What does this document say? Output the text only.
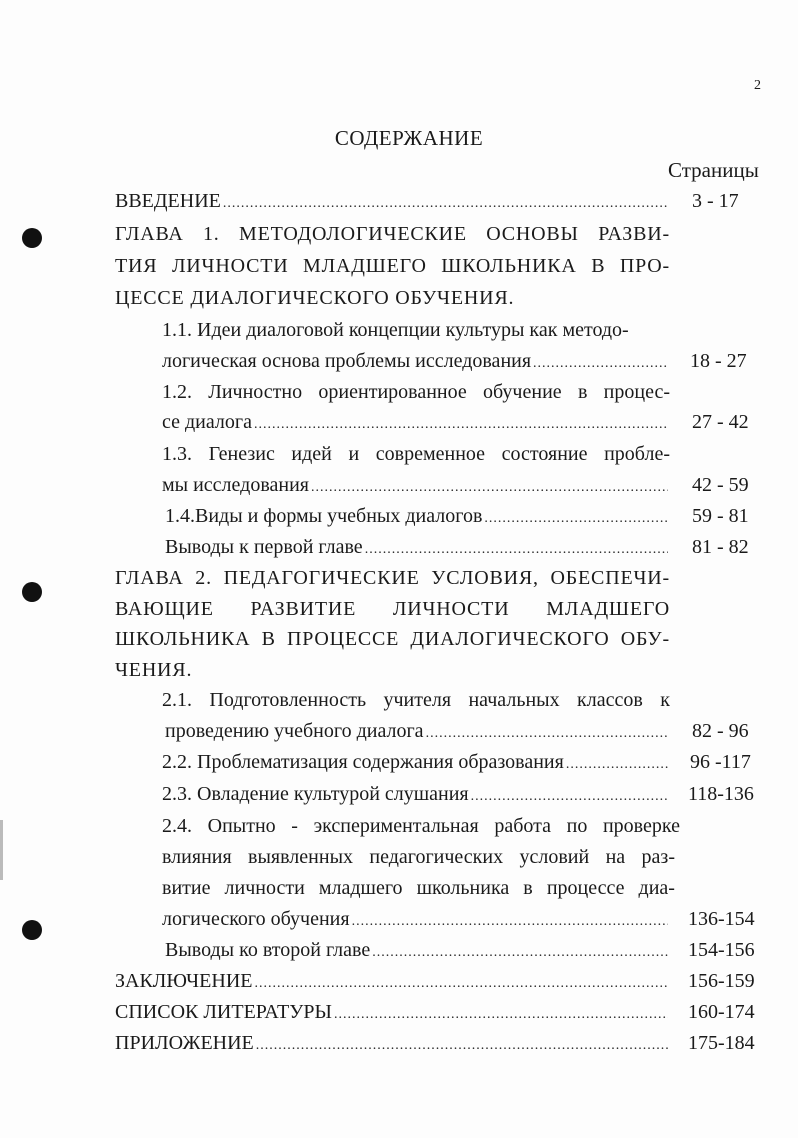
2
СОДЕРЖАНИЕ
Страницы
ВВЕДЕНИЕ .....	3 - 17
ГЛАВА 1. МЕТОДОЛОГИЧЕСКИЕ ОСНОВЫ РАЗВИ-
ТИЯ ЛИЧНОСТИ МЛАДШЕГО ШКОЛЬНИКА В ПРО-
ЦЕССЕ ДИАЛОГИЧЕСКОГО ОБУЧЕНИЯ.
1.1. Идеи диалоговой концепции культуры как методо-
логическая основа проблемы исследования .....	18 - 27
1.2. Личностно ориентированное обучение в процес-
се диалога .....	27 - 42
1.3. Генезис идей и современное состояние пробле-
мы исследования .....	42 - 59
1.4.Виды и формы учебных диалогов .....	59 - 81
Выводы к первой главе .....	81 - 82
ГЛАВА 2. ПЕДАГОГИЧЕСКИЕ УСЛОВИЯ, ОБЕСПЕЧИ-
ВАЮЩИЕ РАЗВИТИЕ ЛИЧНОСТИ МЛАДШЕГО
ШКОЛЬНИКА В ПРОЦЕССЕ ДИАЛОГИЧЕСКОГО ОБУ-
ЧЕНИЯ.
2.1. Подготовленность учителя начальных классов к
проведению учебного диалога .....	82 - 96
2.2. Проблематизация содержания образования .....	96 -117
2.3. Овладение культурой слушания .....	118-136
2.4. Опытно - экспериментальная работа по проверке
влияния выявленных педагогических условий на раз-
витие личности младшего школьника в процессе диа-
логического обучения .....	136-154
Выводы ко второй главе .....	154-156
ЗАКЛЮЧЕНИЕ .....	156-159
СПИСОК ЛИТЕРАТУРЫ .....	160-174
ПРИЛОЖЕНИЕ .....	175-184
